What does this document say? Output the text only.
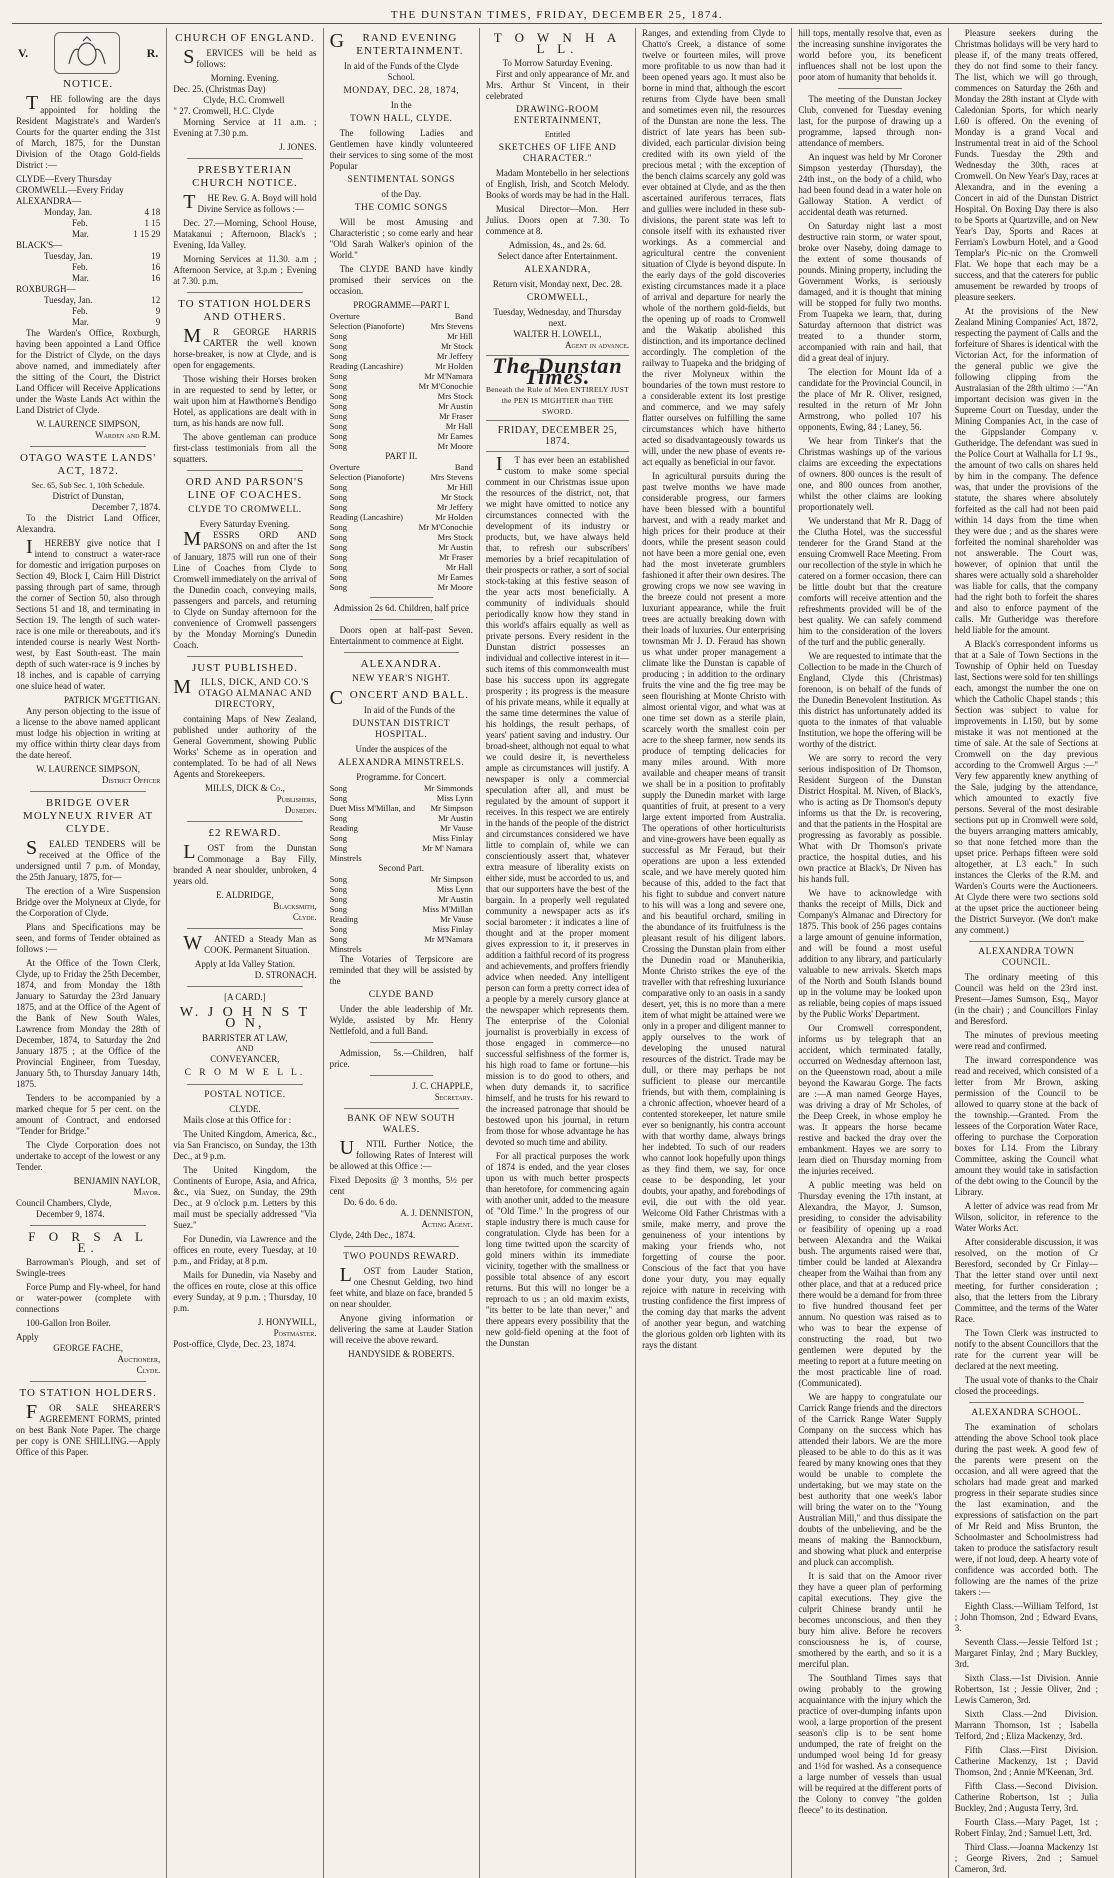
THE DUNSTAN TIMES, FRIDAY, DECEMBER 25, 1874.
V.	R.
NOTICE.

THE following are the days appointed for holding the Resident Magistrate's and Warden's Courts for the quarter ending the 31st of March, 1875, for the Dunstan Division of the Otago Gold-fields District :—

CLYDE—Every Thursday
CROMWELL—Every Friday
ALEXANDRA—
Monday, Jan.	4 18
Feb.	1 15
Mar.	1 15 29
BLACK'S—
Tuesday, Jan.	19
Feb.	16
Mar.	16
ROXBURGH—
Tuesday, Jan.	12
Feb.	9
Mar.	9

The Warden's Office, Roxburgh, having been appointed a Land Office for the District of Clyde, on the days above named, and immediately after the sitting of the Court, the District Land Officer will Receive Applications under the Waste Lands Act within the Land District of Clyde.

W. LAURENCE SIMPSON,
Warden and R.M.
OTAGO WASTE LANDS' ACT, 1872.
Sec. 65, Sub Sec. 1, 10th Schedule.
District of Dunstan,
December 7, 1874.

To the District Land Officer, Alexandra.

IHEREBY give notice that I intend to construct a water-race for domestic and irrigation purposes on Section 49, Block I, Cairn Hill District passing through part of same, through the corner of Section 50, also through Sections 51 and 18, and terminating in Section 19. The length of such water-race is one mile or thereabouts, and it's intended course is nearly West North-west, by East South-east. The main depth of such water-race is 9 inches by 18 inches, and is capable of carrying one sluice head of water.

PATRICK M'GETTIGAN.

Any person objecting to the issue of a license to the above named applicant must lodge his objection in writing at my office within thirty clear days from the date hereof.

W. LAURENCE SIMPSON,
District Officer
BRIDGE OVER MOLYNEUX RIVER AT CLYDE.

SEALED TENDERS will be received at the Office of the undersigned until 7 p.m. of Monday, the 25th January, 1875, for—

The erection of a Wire Suspension Bridge over the Molyneux at Clyde, for the Corporation of Clyde.

Plans and Specifications may be seen, and forms of Tender obtained as follows :—

At the Office of the Town Clerk, Clyde, up to Friday the 25th December, 1874, and from Monday the 18th January to Saturday the 23rd January 1875, and at the Office of the Agent of the Bank of New South Wales, Lawrence from Monday the 28th of December, 1874, to Saturday the 2nd January 1875 ; at the Office of the Provincial Engineer, from Tuesday, January 5th, to Thursday January 14th, 1875.

Tenders to be accompanied by a marked cheque for 5 per cent. on the amount of Contract, and endorsed "Tender for Bridge."

The Clyde Corporation does not undertake to accept of the lowest or any Tender.

BENJAMIN NAYLOR,
Mayor.
Council Chambers, Clyde,
December 9, 1874.
F O R S A L E.

Barrowman's Plough, and set of Swingle-trees

Force Pump and Fly-wheel, for hand or water-power (complete with connections

100-Gallon Iron Boiler.

Apply
GEORGE FACHE,
Auctioneer,
Clyde.
TO STATION HOLDERS.

FOR SALE SHEARER'S AGREEMENT FORMS, printed on best Bank Note Paper. The charge per copy is ONE SHILLING.—Apply Office of this Paper.

CHURCH OF ENGLAND.

SERVICES will be held as follows:

Morning. Evening.
Dec. 25. (Christmas Day)
Clyde, H.C. Cromwell
" 27. Cromwell, H.C. Clyde

Morning Service at 11 a.m. ; Evening at 7.30 p.m.

J. JONES.
PRESBYTERIAN CHURCH NOTICE.

THE Rev. G. A. Boyd will hold Divine Service as follows :—

Dec. 27.—Morning, School House, Matakanui ; Afternoon, Black's ; Evening, Ida Valley.

Morning Services at 11.30. a.m ; Afternoon Service, at 3.p.m ; Evening at 7.30. p.m.

TO STATION HOLDERS AND OTHERS.

MR GEORGE HARRIS CARTER the well known horse-breaker, is now at Clyde, and is open for engagements.

Those wishing their Horses broken in are requested to send by letter, or wait upon him at Hawthorne's Bendigo Hotel, as applications are dealt with in turn, as his hands are now full.

The above gentleman can produce first-class testimonials from all the squatters.

ORD AND PARSON'S LINE OF COACHES.
CLYDE TO CROMWELL.
Every Saturday Evening.

MESSRS ORD AND PARSONS on and after the 1st of January, 1875 will run one of their Line of Coaches from Clyde to Cromwell immediately on the arrival of the Dunedin coach, conveying mails, passengers and parcels, and returning to Clyde on Sunday afternoon for the convenience of Cromwell passengers by the Monday Morning's Dunedin Coach.

JUST PUBLISHED.
MILLS, DICK, AND CO.'S OTAGO ALMANAC AND DIRECTORY,

containing Maps of New Zealand, published under authority of the General Government, showing Public Works' Scheme as in operation and contemplated. To be had of all News Agents and Storekeepers.

MILLS, DICK & Co.,
Publishers,
Dunedin.
£2 REWARD.

LOST from the Dunstan Commonage a Bay Filly, branded A near shoulder, unbroken, 4 years old.

E. ALDRIDGE,
Blacksmith,
Clyde.

WANTED a Steady Man as COOK. Permanent Situation.

Apply at Ida Valley Station.
D. STRONACH.
[A CARD.]
W. J O H N S T O N,
BARRISTER AT LAW,
AND
CONVEYANCER,
C R O M W E L L.
POSTAL NOTICE.
CLYDE.

Mails close at this Office for :

The United Kingdom, America, &c., via San Francisco, on Sunday, the 13th Dec., at 9 p.m.

The United Kingdom, the Continents of Europe, Asia, and Africa, &c., via Suez, on Sunday, the 29th Dec., at 9 o'clock p.m. Letters by this mail must be specially addressed "Via Suez."

For Dunedin, via Lawrence and the offices en route, every Tuesday, at 10 p.m., and Friday, at 8 p.m.

Mails for Dunedin, via Naseby and the offices en route, close at this office every Sunday, at 9 p.m. ; Thursday, 10 p.m.

J. HONYWILL,
Postmaster.
Post-office, Clyde, Dec. 23, 1874.
GRAND EVENING ENTERTAINMENT.
In aid of the Funds of the Clyde School.
MONDAY, DEC. 28, 1874,
In the
TOWN HALL, CLYDE.

The following Ladies and Gentlemen have kindly volunteered their services to sing some of the most Popular

SENTIMENTAL SONGS
of the Day.
THE COMIC SONGS

Will be most Amusing and Characteristic ; so come early and hear "Old Sarah Walker's opinion of the World."

The CLYDE BAND have kindly promised their services on the occasion.

PROGRAMME—PART I.
Overture	Band
Selection (Pianoforte)	Mrs Stevens
Song	Mr Hill
Song	Mr Stock
Song	Mr Jeffery
Reading (Lancashire)	Mr Holden
Song	Mr M'Namara
Song	Mr M'Conochie
Song	Mrs Stock
Song	Mr Austin
Song	Mr Fraser
Song	Mr Hall
Song	Mr Eames
Song	Mr Moore
PART II.
Overture	Band
Selection (Pianoforte)	Mrs Stevens
Song	Mr Hill
Song	Mr Stock
Song	Mr Jeffery
Reading (Lancashire)	Mr Holden
Song	Mr M'Conochie
Song	Mrs Stock
Song	Mr Austin
Song	Mr Fraser
Song	Mr Hall
Song	Mr Eames
Song	Mr Moore
Admission 2s 6d. Children, half price

Doors open at half-past Seven. Entertainment to commence at Eight.

ALEXANDRA.
NEW YEAR'S NIGHT.
CONCERT AND BALL.
In aid of the Funds of the
DUNSTAN DISTRICT HOSPITAL.
Under the auspices of the
ALEXANDRA MINSTRELS.
Programme. for Concert.
Song	Mr Simmonds
Song	Miss Lynn
Duet Miss M'Millan, and Mr Simpson
Song	Mr Austin
Reading	Mr Vause
Song	Miss Finlay
Song	Mr M' Namara
Minstrels
Second Part.
Song	Mr Simpson
Song	Miss Lynn
Song	Mr Austin
Song	Miss M'Millan
Reading	Mr Vause
Song	Miss Finlay
Song	Mr M'Namara
Minstrels

The Votaries of Terpsicore are reminded that they will be assisted by the

CLYDE BAND

Under the able leadership of Mr. Wylde, assisted by Mr. Henry Nettlefold, and a full Band.

Admission, 5s.—Children, half price.

J. C. CHAPPLE,
Secretary.
BANK OF NEW SOUTH WALES.

UNTIL Further Notice, the following Rates of Interest will be allowed at this Office :—

Fixed Deposits @ 3 months, 5½ per cent
Do. 6 do. 6 do.
A. J. DENNISTON,
Acting Agent.
Clyde, 24th Dec., 1874.
TWO POUNDS REWARD.

LOST from Lauder Station, one Chesnut Gelding, two hind feet white, and blaze on face, branded 5 on near shoulder.

Anyone giving information or delivering the same at Lauder Station will receive the above reward.

HANDYSIDE & ROBERTS.
T O W N H A L L.
To Morrow Saturday Evening.

First and only appearance of Mr. and Mrs. Arthur St Vincent, in their celebrated

DRAWING-ROOM ENTERTAINMENT,
Entitled
SKETCHES OF LIFE AND CHARACTER."

Madam Montebello in her selections of English, Irish, and Scotch Melody. Books of words may be had in the Hall.

Musical Director—Mon. Herr Julius. Doors open at 7.30. To commence at 8.

Admission, 4s., and 2s. 6d.
Select dance after Entertainment.
ALEXANDRA,
Return visit, Monday next, Dec. 28.
CROMWELL,
Tuesday, Wednesday, and Thursday next.
WALTER H. LOWELL,
Agent in advance.
The Dunstan Times.
Beneath the Rule of Men ENTIRELY JUST the PEN IS MIGHTIER than THE SWORD.
FRIDAY, DECEMBER 25, 1874.

IT has ever been an established custom to make some special comment in our Christmas issue upon the resources of the district, not, that we might have omitted to notice any circumstances connected with the development of its industry or products, but, we have always held that, to refresh our subscribers' memories by a brief recapitulation of their prospects or rather, a sort of social stock-taking at this festive season of the year acts most beneficially. A community of individuals should periodically know how they stand in this world's affairs equally as well as private persons. Every resident in the Dunstan district possesses an individual and collective interest in it—such items of this commonwealth must base his success upon its aggregate prosperity ; its progress is the measure of his private means, while it equally at the same time determines the value of his holdings, the result perhaps, of years' patient saving and industry. Our broad-sheet, although not equal to what we could desire it, is nevertheless ample as circumstances will justify. A newspaper is only a commercial speculation after all, and must be regulated by the amount of support it receives. In this respect we are entirely in the hands of the people of the district and circumstances considered we have little to complain of, while we can conscientiously assert that, whatever extra measure of liberality exists on either side, must be accorded to us, and that our supporters have the best of the bargain. In a properly well regulated community a newspaper acts as it's social barometer : it indicates a line of thought and at the proper moment gives expression to it, it preserves in addition a faithful record of its progress and achievements, and proffers friendly advice when needed. Any intelligent person can form a pretty correct idea of a people by a merely cursory glance at the newspaper which represents them. The enterprise of the Colonial journalist is proverbially in excess of those engaged in commerce—no successful selfishness of the former is, his high road to fame or fortune—his mission is to do good to others, and when duty demands it, to sacrifice himself, and he trusts for his reward to the increased patronage that should be bestowed upon his journal, in return from those for whose advantage he has devoted so much time and ability.

For all practical purposes the work of 1874 is ended, and the year closes upon us with much better prospects than heretofore, for commencing again with another unit, added to the measure of "Old Time." In the progress of our staple industry there is much cause for congratulation. Clyde has been for a long time twitted upon the scarcity of gold miners within its immediate vicinity, together with the smallness or possible total absence of any escort returns. But this will no longer be a reproach to us ; an old maxim exists, "its better to be late than never," and there appears every possibility that the new gold-field opening at the foot of the Dunstan

Ranges, and extending from Clyde to Chatto's Creek, a distance of some twelve or fourteen miles, will prove more profitable to us now than had it been opened years ago. It must also be borne in mind that, although the escort returns from Clyde have been small and sometimes even nil, the resources of the Dunstan are none the less. The district of late years has been sub-divided, each particular division being credited with its own yield of the precious metal ; with the exception of the bench claims scarcely any gold was ever obtained at Clyde, and as the then ascertained auriferous terraces, flats and gullies were included in these sub-divisions, the parent state was left to console itself with its exhausted river workings. As a commercial and agricultural centre the convenient situation of Clyde is beyond dispute. In the early days of the gold discoveries existing circumstances made it a place of arrival and departure for nearly the whole of the northern gold-fields, but the opening up of roads to Cromwell and the Wakatip abolished this distinction, and its importance declined accordingly. The completion of the railway to Tuapeka and the bridging of the river Molyneux within the boundaries of the town must restore to a considerable extent its lost prestige and commerce, and we may safely flatter ourselves on fulfilling the same circumstances which have hitherto acted so disadvantageously towards us will, under the new phase of events re-act equally as beneficial in our favor.

In agricultural pursuits during the past twelve months we have made considerable progress, our farmers have been blessed with a bountiful harvest, and with a ready market and high prices for their produce at their doors, while the present season could not have been a more genial one, even had the most inveterate grumblers fashioned it after their own desires. The growing crops we now see waving in the breeze could not present a more luxuriant appearance, while the fruit trees are actually breaking down with their loads of luxuries. Our enterprising townsman Mr J. D. Feraud has shown us what under proper management a climate like the Dunstan is capable of producing ; in addition to the ordinary fruits the vine and the fig tree may be seen flourishing at Monte Christo with almost oriental vigor, and what was at one time set down as a sterile plain, scarcely worth the smallest coin per acre to the sheep farmer, now sends its produce of tempting delicacies for many miles around. With more available and cheaper means of transit we shall be in a position to profitably supply the Dunedin market with large quantities of fruit, at present to a very large extent imported from Australia. The operations of other horticulturists and vine-growers have been equally as successful as Mr Feraud, but their operations are upon a less extended scale, and we have merely quoted him because of this, added to the fact that his fight to subdue and convert nature to his will was a long and severe one, and his beautiful orchard, smiling in the abundance of its fruitfulness is the pleasant result of his diligent labors. Crossing the Dunstan plain from either the Dunedin road or Manuherikia, Monte Christo strikes the eye of the traveller with that refreshing luxuriance comparative only to an oasis in a sandy desert, yet, this is no more than a mere item of what might be attained were we only in a proper and diligent manner to apply ourselves to the work of developing the unused natural resources of the district. Trade may be dull, or there may perhaps be not sufficient to please our mercantile friends, but with them, complaining is a chronic affection, whoever heard of a contented storekeeper, let nature smile ever so benignantly, his contra account with that worthy dame, always brings her indebted. To such of our readers who cannot look hopefully upon things as they find them, we say, for once cease to be desponding, let your doubts, your apathy, and forebodings of evil, die out with the old year. Welcome Old Father Christmas with a smile, make merry, and prove the genuineness of your intentions by making your friends who, not forgetting of course the poor. Conscious of the fact that you have done your duty, you may equally rejoice with nature in receiving with trusting confidence the first impress of the coming day that marks the advent of another year begun, and watching the glorious golden orb lighten with its rays the distant

hill tops, mentally resolve that, even as the increasing sunshine invigorates the world before you, its beneficent influences shall not be lost upon the poor atom of humanity that beholds it.

The meeting of the Dunstan Jockey Club, convened for Tuesday evening last, for the purpose of drawing up a programme, lapsed through non-attendance of members.

An inquest was held by Mr Coroner Simpson yesterday (Thursday), the 24th inst., on the body of a child, who had been found dead in a water hole on Galloway Station. A verdict of accidental death was returned.

On Saturday night last a most destructive rain storm, or water spout, broke over Naseby, doing damage to the extent of some thousands of pounds. Mining property, including the Government Works, is seriously damaged, and it is thought that mining will be stopped for fully two months. From Tuapeka we learn, that, during Saturday afternoon that district was treated to a thunder storm, accompanied with rain and hail, that did a great deal of injury.

The election for Mount Ida of a candidate for the Provincial Council, in the place of Mr R. Oliver, resigned, resulted in the return of Mr John Armstrong, who polled 107 his opponents, Ewing, 84 ; Laney, 56.

We hear from Tinker's that the Christmas washings up of the various claims are exceeding the expectations of owners. 800 ounces is the result of one, and 800 ounces from another, whilst the other claims are looking proportionately well.

We understand that Mr R. Dagg of the Clutha Hotel, was the successful tenderer for the Grand Stand at the ensuing Cromwell Race Meeting. From our recollection of the style in which he catered on a former occasion, there can be little doubt but that the creature comforts will receive attention and the refreshments provided will be of the best quality. We can safely commend him to the consideration of the lovers of the turf and the public generally.

We are requested to intimate that the Collection to be made in the Church of England, Clyde this (Christmas) forenoon, is on behalf of the funds of the Dunedin Benevolent Institution. As this district has unfortunately added its quota to the inmates of that valuable Institution, we hope the offering will be worthy of the district.

We are sorry to record the very serious indisposition of Dr Thomson, Resident Surgeon of the Dunstan District Hospital. M. Niven, of Black's, who is acting as Dr Thomson's deputy informs us that the Dr. is recovering, and that the patients in the Hospital are progressing as favorably as possible. What with Dr Thomson's private practice, the hospital duties, and his own practice at Black's, Dr Niven has his hands full.

We have to acknowledge with thanks the receipt of Mills, Dick and Company's Almanac and Directory for 1875. This book of 256 pages contains a large amount of genuine information, and will be found a most useful addition to any library, and particularly valuable to new arrivals. Sketch maps of the North and South Islands bound up in the volume may be looked upon as reliable, being copies of maps issued by the Public Works' Department.

Our Cromwell correspondent, informs us by telegraph that an accident, which terminated fatally, occurred on Wednesday afternoon last, on the Queenstown road, about a mile beyond the Kawarau Gorge. The facts are :—A man named George Hayes, was driving a dray of Mr Scholes, of the Deep Creek, in whose employ he was. It appears the horse became restive and backed the dray over the embankment. Hayes we are sorry to learn died on Thursday morning from the injuries received.

A public meeting was held on Thursday evening the 17th instant, at Alexandra, the Mayor, J. Sumson, presiding, to consider the advisability or feasibility of opening up a road between Alexandra and the Waikai bush. The arguments raised were that, timber could be landed at Alexandra cheaper from the Waihai than from any other place, and that at a reduced price there would be a demand for from three to five hundred thousand feet per annum. No question was raised as to who was to bear the expense of constructing the road, but two gentlemen were deputed by the meeting to report at a future meeting on the most practicable line of road. (Communicated).

We are happy to congratulate our Carrick Range friends and the directors of the Carrick Range Water Supply Company on the success which has attended their labors. We are the more pleased to be able to do this as it was feared by many knowing ones that they would be unable to complete the undertaking, but we may state on the best authority that one week's labor will bring the water on to the "Young Australian Mill," and thus dissipate the doubts of the unbelieving, and be the means of making the Bannockburn, and showing what pluck and enterprise and pluck can accomplish.

It is said that on the Amoor river they have a queer plan of performing capital executions. They give the culprit Chinese brandy until he becomes unconscious, and then they bury him alive. Before he recovers consciousness he is, of course, smothered by the earth, and so it is a merciful plan.

The Southland Times says that owing probably to the growing acquaintance with the injury which the practice of over-dumping infants upon wool, a large proportion of the present season's clip is to be sent home undumped, the rate of freight on the undumped wool being 1d for greasy and 1½d for washed. As a consequence a large number of vessels than usual will be required at the different ports of the Colony to convey "the golden fleece" to its destination.

Pleasure seekers during the Christmas holidays will be very hard to please if, of the many treats offered, they do not find some to their fancy. The list, which we will go through, commences on Saturday the 26th and Monday the 28th instant at Clyde with Caledonian Sports, for which nearly L60 is offered. On the evening of Monday is a grand Vocal and Instrumental treat in aid of the School Funds. Tuesday the 29th and Wednesday the 30th, races at Cromwell. On New Year's Day, races at Alexandra, and in the evening a Concert in aid of the Dunstan District Hospital. On Boxing Day there is also to be Sports at Quartzville, and on New Year's Day, Sports and Races at Ferriam's Lowburn Hotel, and a Good Templar's Pic-nic on the Cromwell Flat. We hope that each may be a success, and that the caterers for public amusement be rewarded by troops of pleasure seekers.

At the provisions of the New Zealand Mining Companies' Act, 1872, respecting the payment of Calls and the forfeiture of Shares is identical with the Victorian Act, for the information of the general public we give the following clipping from the Australasian of the 28th ultimo :—"An important decision was given in the Supreme Court on Tuesday, under the Mining Companies Act, in the case of the Gippslander Company v. Gutheridge. The defendant was sued in the Police Court at Walhalla for L1 9s., the amount of two calls on shares held by him in the company. The defence was, that under the provisions of the statute, the shares where absolutely forfeited as the call had not been paid within 14 days from the time when they were due ; and as the shares were forfeited the nominal shareholder was not answerable. The Court was, however, of opinion that until the shares were actually sold a shareholder was liable for calls, that the company had the right both to forfeit the shares and also to enforce payment of the calls. Mr Gutheridge was therefore held liable for the amount.

A Black's correspondent informs us that at a Sale of Town Sections in the Township of Ophir held on Tuesday last, Sections were sold for ten shillings each, amongst the number the one on which the Catholic Chapel stands ; this Section was subject to value for improvements in L150, but by some mistake it was not mentioned at the time of sale. At the sale of Sections at Cromwell on the day previous according to the Cromwell Argus :—" Very few apparently knew anything of the Sale, judging by the attendance, which amounted to exactly five persons. Several of the most desirable sections put up in Cromwell were sold, the buyers arranging matters amicably, so that none fetched more than the upset price. Perhaps fifteen were sold altogether, at L3 each." In such instances the Clerks of the R.M. and Warden's Courts were the Auctioneers. At Clyde there were two sections sold at the upset price the auctioneer being the District Surveyor. (We don't make any comment.)

ALEXANDRA TOWN COUNCIL.

The ordinary meeting of this Council was held on the 23rd inst. Present—James Sumson, Esq., Mayor (in the chair) ; and Councillors Finlay and Beresford.

The minutes of previous meeting were read and confirmed.

The inward correspondence was read and received, which consisted of a letter from Mr Brown, asking permission of the Council to be allowed to quarry stone at the back of the township.—Granted. From the lessees of the Corporation Water Race, offering to purchase the Corporation boxes for L14. From the Library Committee, asking the Council what amount they would take in satisfaction of the debt owing to the Council by the Library.

A letter of advice was read from Mr Wilson, solicitor, in reference to the Water Works Act.

After considerable discussion, it was resolved, on the motion of Cr Beresford, seconded by Cr Finlay—That the letter stand over until next meeting, for further consideration ; also, that the letters from the Library Committee, and the terms of the Water Race.

The Town Clerk was instructed to notify to the absent Councillors that the rate for the current year will be declared at the next meeting.

The usual vote of thanks to the Chair closed the proceedings.

ALEXANDRA SCHOOL.

The examination of scholars attending the above School took place during the past week. A good few of the parents were present on the occasion, and all were agreed that the scholars had made great and marked progress in their separate studies since the last examination, and the expressions of satisfaction on the part of Mr Reid and Miss Brunton, the Schoolmaster and Schoolmistress had taken to produce the satisfactory result were, if not loud, deep. A hearty vote of confidence was accorded both. The following are the names of the prize takers :—

Eighth Class.—William Telford, 1st ; John Thomson, 2nd ; Edward Evans, 3.

Seventh Class.—Jessie Telford 1st ; Margaret Finlay, 2nd ; Mary Buckley, 3rd.

Sixth Class.—1st Division. Annie Robertson, 1st ; Jessie Oliver, 2nd ; Lewis Cameron, 3rd.

Sixth Class.—2nd Division. Marrann Thomson, 1st ; Isabella Telford, 2nd ; Eliza Mackenzy, 3rd.

Fifth Class.—First Division. Catherine Mackenzy, 1st ; David Thomson, 2nd ; Annie M'Keenan, 3rd.

Fifth Class.—Second Division. Catherine Robertson, 1st ; Julia Buckley, 2nd ; Augusta Terry, 3rd.

Fourth Class.—Mary Paget, 1st ; Robert Finlay, 2nd ; Samuel Lett, 3rd.

Third Class.—Joanna Mackenzy 1st ; George Rivers, 2nd ; Samuel Cameron, 3rd.
